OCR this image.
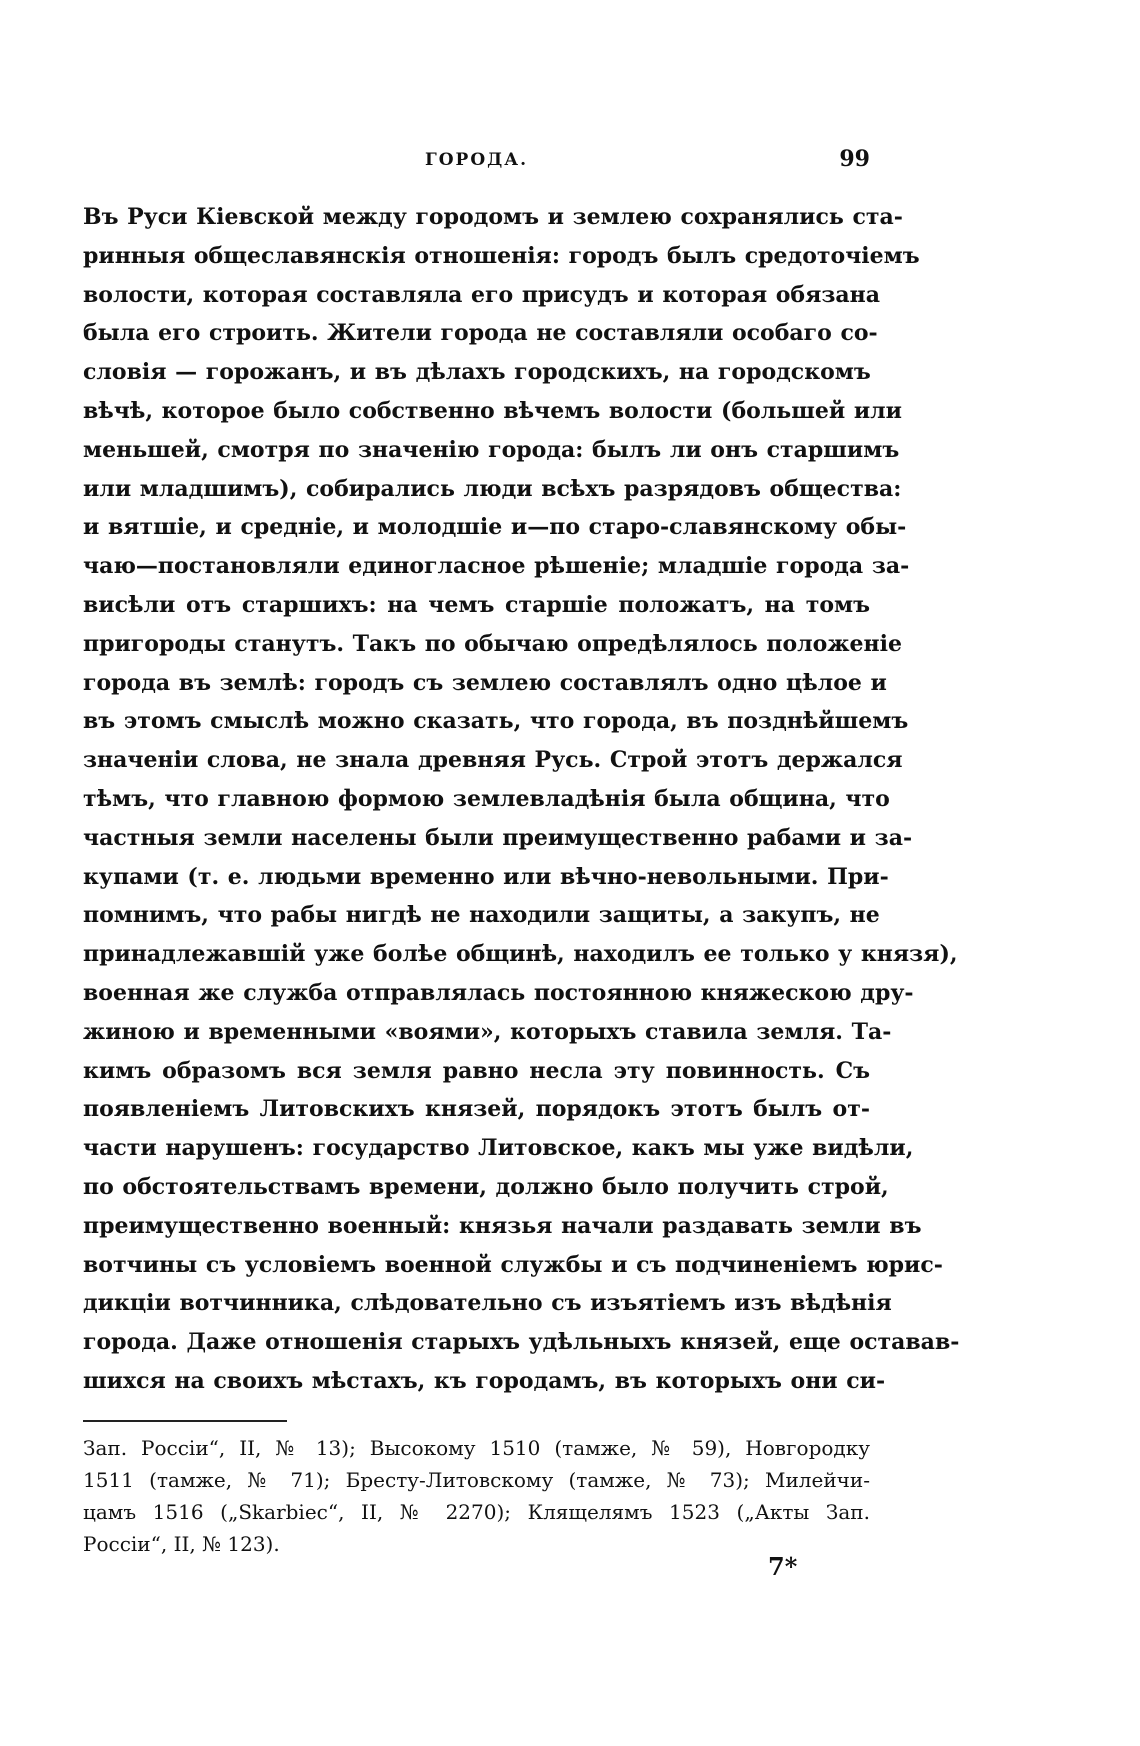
ГОРОДА.	99
Въ Руси Кіевской между городомъ и землею сохранялись ста-
ринныя общеславянскія отношенія: городъ былъ средоточіемъ
волости, которая составляла его присудъ и которая обязана
была его строить. Жители города не составляли особаго со-
словія — горожанъ, и въ дѣлахъ городскихъ, на городскомъ
вѣчѣ, которое было собственно вѣчемъ волости (большей или
меньшей, смотря по значенію города: былъ ли онъ старшимъ
или младшимъ), собирались люди всѣхъ разрядовъ общества:
и вятшіе, и средніе, и молодшіе и—по старо-славянскому обы-
чаю—постановляли единогласное рѣшеніе; младшіе города за-
висѣли отъ старшихъ: на чемъ старшіе положатъ, на томъ
пригороды станутъ. Такъ по обычаю опредѣлялось положеніе
города въ землѣ: городъ съ землею составлялъ одно цѣлое и
въ этомъ смыслѣ можно сказать, что города, въ позднѣйшемъ
значеніи слова, не знала древняя Русь. Строй этотъ держался
тѣмъ, что главною формою землевладѣнія была община, что
частныя земли населены были преимущественно рабами и за-
купами (т. е. людьми временно или вѣчно-невольными. При-
помнимъ, что рабы нигдѣ не находили защиты, а закупъ, не
принадлежавшій уже болѣе общинѣ, находилъ ее только у князя),
военная же служба отправлялась постоянною княжескою дру-
жиною и временными «воями», которыхъ ставила земля. Та-
кимъ образомъ вся земля равно несла эту повинность. Съ
появленіемъ Литовскихъ князей, порядокъ этотъ былъ от-
части нарушенъ: государство Литовское, какъ мы уже видѣли,
по обстоятельствамъ времени, должно было получить строй,
преимущественно военный: князья начали раздавать земли въ
вотчины съ условіемъ военной службы и съ подчиненіемъ юрис-
дикціи вотчинника, слѣдовательно съ изъятіемъ изъ вѣдѣнія
города. Даже отношенія старыхъ удѣльныхъ князей, еще оставав-
шихся на своихъ мѣстахъ, къ городамъ, въ которыхъ они си-
Зап. Россіи“, II, № 13); Высокому 1510 (тамже, № 59), Новгородку
1511 (тамже, № 71); Бресту-Литовскому (тамже, № 73); Милейчи-
цамъ 1516 („Skarbiec“, II, № 2270); Клящелямъ 1523 („Акты Зап.
Россіи“, II, № 123).
7*
